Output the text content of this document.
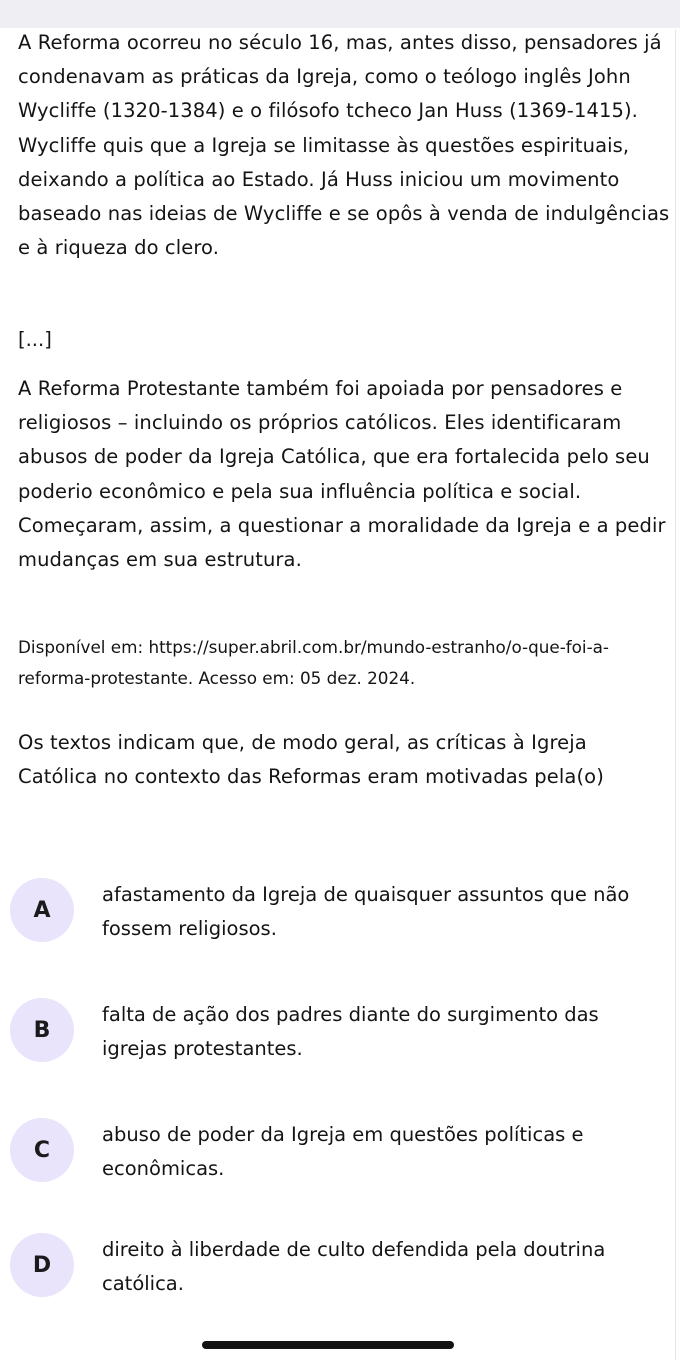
A Reforma ocorreu no século 16, mas, antes disso, pensadores já condenavam as práticas da Igreja, como o teólogo inglês John Wycliffe (1320-1384) e o filósofo tcheco Jan Huss (1369-1415). Wycliffe quis que a Igreja se limitasse às questões espirituais, deixando a política ao Estado. Já Huss iniciou um movimento baseado nas ideias de Wycliffe e se opôs à venda de indulgências e à riqueza do clero.

[...]

A Reforma Protestante também foi apoiada por pensadores e religiosos – incluindo os próprios católicos. Eles identificaram abusos de poder da Igreja Católica, que era fortalecida pelo seu poderio econômico e pela sua influência política e social. Começaram, assim, a questionar a moralidade da Igreja e a pedir mudanças em sua estrutura.

Disponível em: https://super.abril.com.br/mundo-estranho/o-que-foi-a-reforma-protestante. Acesso em: 05 dez. 2024.

Os textos indicam que, de modo geral, as críticas à Igreja Católica no contexto das Reformas eram motivadas pela(o)

A
afastamento da Igreja de quaisquer assuntos que não fossem religiosos.
B
falta de ação dos padres diante do surgimento das igrejas protestantes.
C
abuso de poder da Igreja em questões políticas e econômicas.
D
direito à liberdade de culto defendida pela doutrina católica.
